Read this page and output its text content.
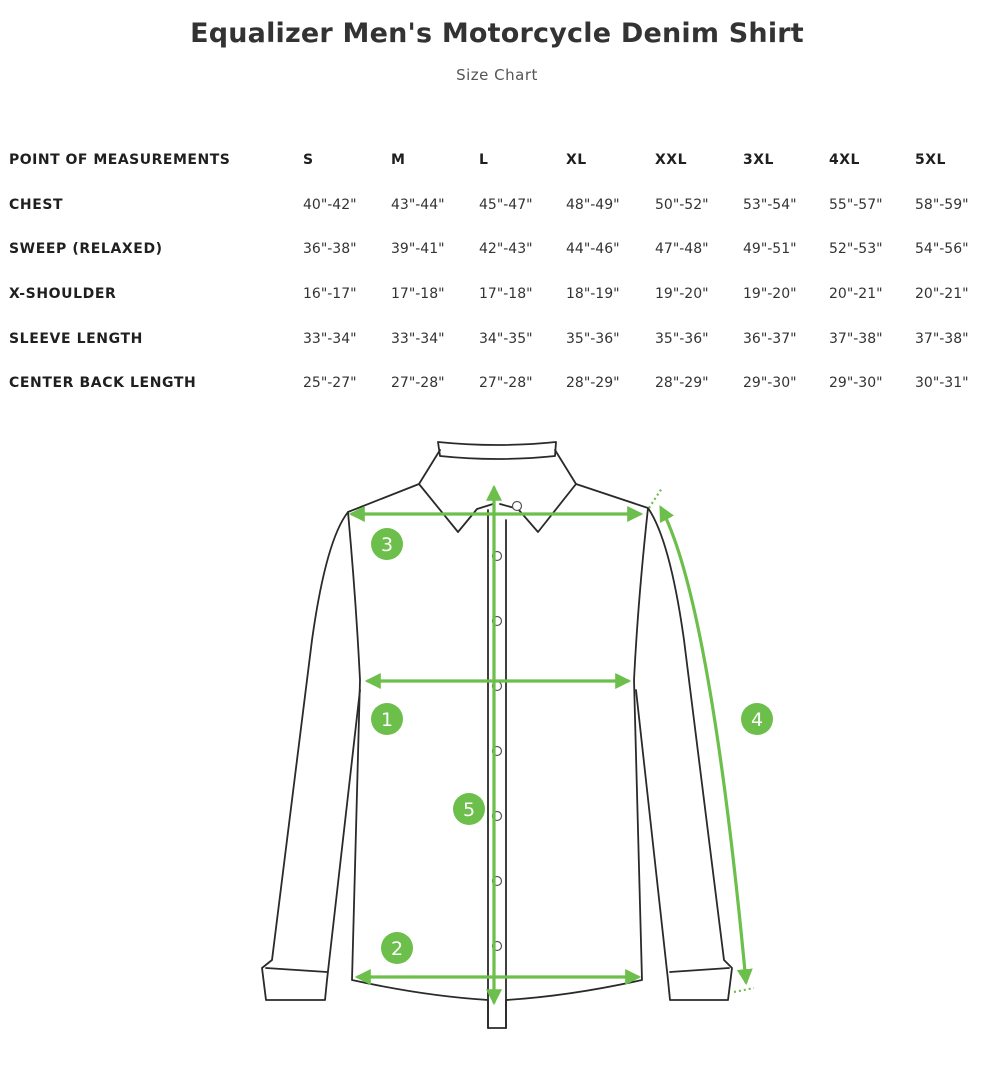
Equalizer Men's Motorcycle Denim Shirt
Size Chart
POINT OF MEASUREMENTS	S	M	L	XL	XXL	3XL	4XL	5XL
CHEST	40"-42"	43"-44"	45"-47"	48"-49"	50"-52"	53"-54"	55"-57"	58"-59"
SWEEP (RELAXED)	36"-38"	39"-41"	42"-43"	44"-46"	47"-48"	49"-51"	52"-53"	54"-56"
X-SHOULDER	16"-17"	17"-18"	17"-18"	18"-19"	19"-20"	19"-20"	20"-21"	20"-21"
SLEEVE LENGTH	33"-34"	33"-34"	34"-35"	35"-36"	35"-36"	36"-37"	37"-38"	37"-38"
CENTER BACK LENGTH	25"-27"	27"-28"	27"-28"	28"-29"	28"-29"	29"-30"	29"-30"	30"-31"
3
1
2
4
5
